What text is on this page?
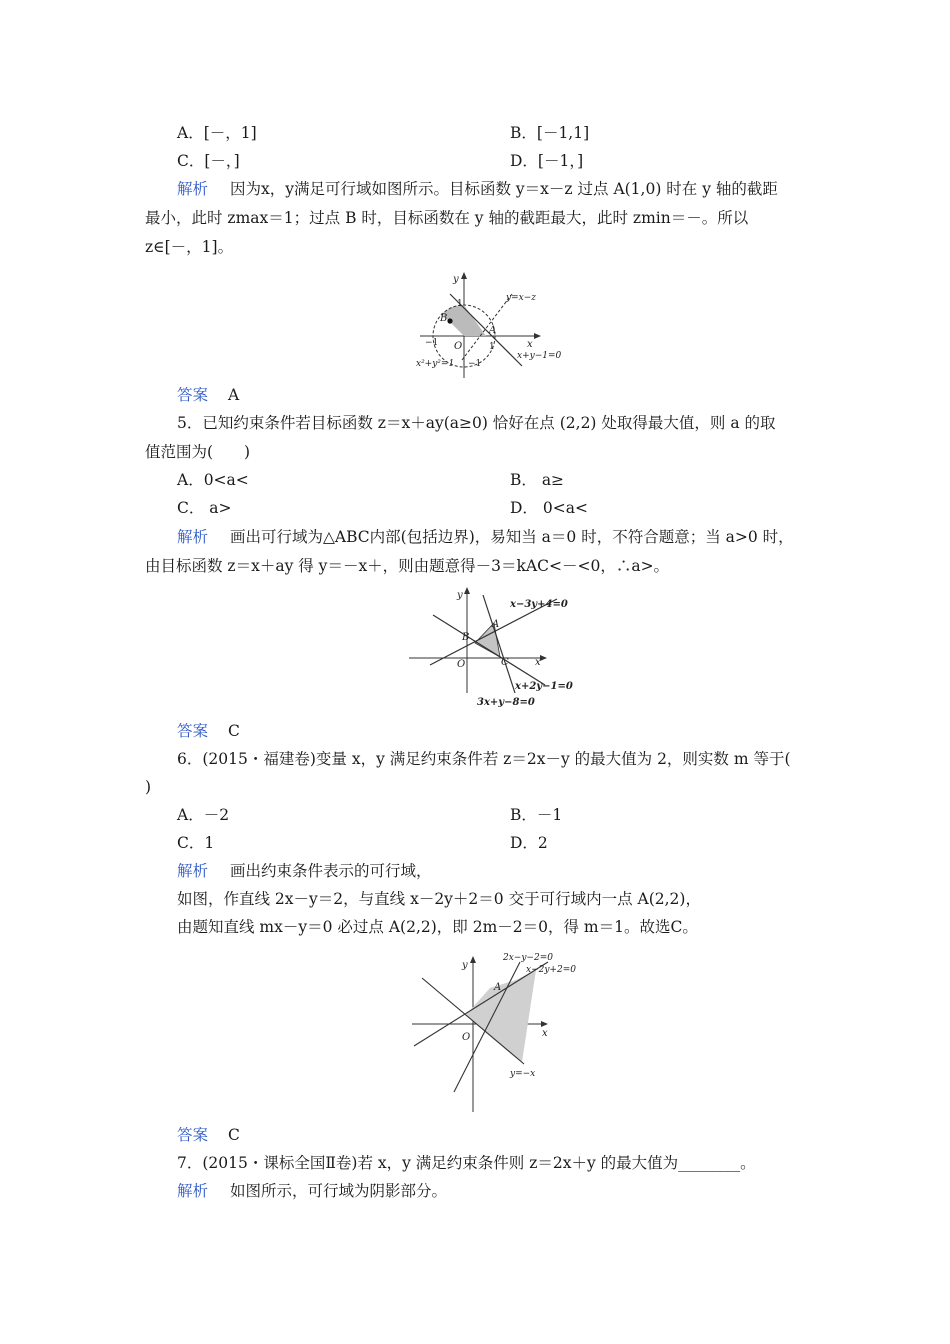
A．[－，1]	B．[－1,1]
C．[－，]	D．[－1，]
解析 因为x，y满足可行域如图所示。目标函数 y＝x－z 过点 A(1,0) 时在 y 轴的截距
最小，此时 zmax＝1；过点 B 时，目标函数在 y 轴的截距最大，此时 zmin＝－。所以
z∈[－，1]。
y
y=x−z
1
B
A
x
−1 O	1
−1
x²+y²=1
x+y−1=0
答案 A
5．已知约束条件若目标函数 z＝x＋ay(a≥0) 恰好在点 (2,2) 处取得最大值，则 a 的取
值范围为(　　)
A．0<a<	B． a≥
C． a>	D． 0<a<
解析 画出可行域为△ABC内部(包括边界)，易知当 a＝0 时，不符合题意；当 a>0 时，
由目标函数 z＝x＋ay 得 y＝－x＋，则由题意得－3＝kAC<－<0，∴a>。
y
x−3y+4=0
A
B
O	C	x
x+2y−1=0
3x+y−8=0
答案 C
6．(2015・福建卷)变量 x，y 满足约束条件若 z＝2x－y 的最大值为 2，则实数 m 等于(
)
A．－2	B．－1
C．1	D．2
解析 画出约束条件表示的可行域，
如图，作直线 2x－y＝2，与直线 x－2y＋2＝0 交于可行域内一点 A(2,2)，
由题知直线 mx－y＝0 必过点 A(2,2)，即 2m－2＝0，得 m＝1。故选C。
y
2x−y−2=0
x−2y+2=0
A
O	x
y=−x
答案 C
7．(2015・课标全国Ⅱ卷)若 x，y 满足约束条件则 z＝2x＋y 的最大值为________。
解析 如图所示，可行域为阴影部分。
